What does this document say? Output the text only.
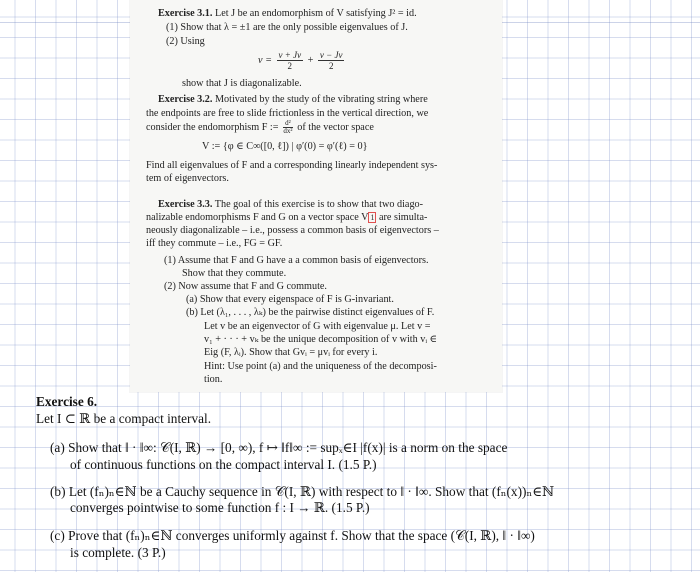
Exercise 3.1. Let J be an endomorphism of V satisfying J² = id.
(1) Show that λ = ±1 are the only possible eigenvalues of J.
(2) Using
$v = \frac{v + Jv}{2} + \frac{v - Jv}{2}$
show that J is diagonalizable.
Exercise 3.2. Motivated by the study of the vibrating string where
the endpoints are free to slide frictionless in the vertical direction, we
consider the endomorphism F := $\frac{\text{d²}}{\text{dx²}}$ of the vector space
V := {φ ∈ C∞([0, ℓ]) | φ′(0) = φ′(ℓ) = 0}
Find all eigenvalues of F and a corresponding linearly independent sys-
tem of eigenvectors.
Exercise 3.3. The goal of this exercise is to show that two diago-
nalizable endomorphisms F and G on a vector space V 1 are simulta-
neously diagonalizable – i.e., possess a common basis of eigenvectors –
iff they commute – i.e., FG = GF.
(1) Assume that F and G have a a common basis of eigenvectors.
Show that they commute.
(2) Now assume that F and G commute.
(a) Show that every eigenspace of F is G-invariant.
(b) Let (λ₁, . . . , λₖ) be the pairwise distinct eigenvalues of F.
Let v be an eigenvector of G with eigenvalue μ. Let v =
v₁ + · · · + vₖ be the unique decomposition of v with vᵢ ∈
Eig (F, λᵢ). Show that Gvᵢ = μvᵢ for every i.
Hint: Use point (a) and the uniqueness of the decomposi-
tion.
Exercise 6.
Let I ⊂ ℝ be a compact interval.
(a) Show that ‖ · ‖∞: 𝒞(I, ℝ) → [0, ∞), f ↦ ‖f‖∞ := supₓ∈I |f(x)| is a norm on the space
of continuous functions on the compact interval I. (1.5 P.)
(b) Let (fₙ)ₙ∈ℕ be a Cauchy sequence in 𝒞(I, ℝ) with respect to ‖ · ‖∞. Show that (fₙ(x))ₙ∈ℕ
converges pointwise to some function f : I → ℝ. (1.5 P.)
(c) Prove that (fₙ)ₙ∈ℕ converges uniformly against f. Show that the space (𝒞(I, ℝ), ‖ · ‖∞)
is complete. (3 P.)
